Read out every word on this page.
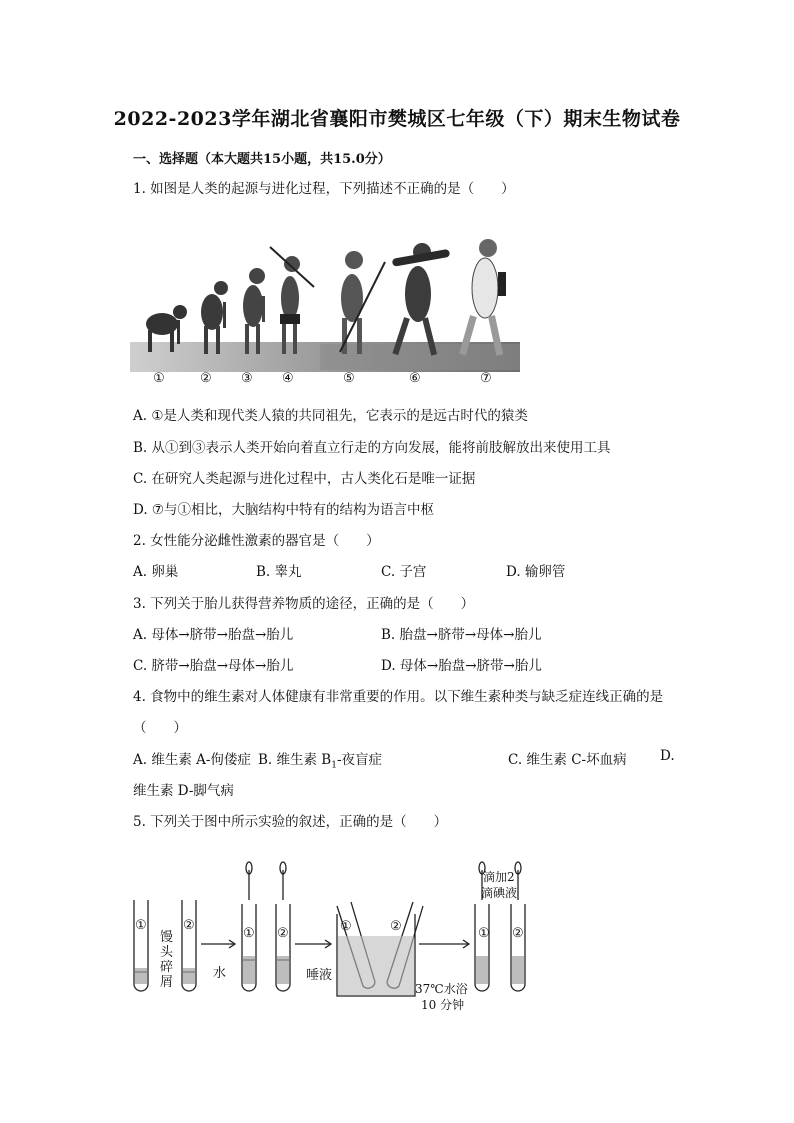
2022-2023学年湖北省襄阳市樊城区七年级（下）期末生物试卷
一、选择题（本大题共15小题，共15.0分）
1. 如图是人类的起源与进化过程，下列描述不正确的是（　　）
①	② ③ ④	⑤	⑥	⑦
A. ①是人类和现代类人猿的共同祖先，它表示的是远古时代的猿类
B. 从①到③表示人类开始向着直立行走的方向发展，能将前肢解放出来使用工具
C. 在研究人类起源与进化过程中，古人类化石是唯一证据
D. ⑦与①相比，大脑结构中特有的结构为语言中枢
2. 女性能分泌雌性激素的器官是（　　）
A. 卵巢	B. 睾丸	C. 子宫	D. 输卵管
3. 下列关于胎儿获得营养物质的途径，正确的是（　　）
A. 母体→脐带→胎盘→胎儿	B. 胎盘→脐带→母体→胎儿
C. 脐带→胎盘→母体→胎儿	D. 母体→胎盘→脐带→胎儿
4. 食物中的维生素对人体健康有非常重要的作用。以下维生素种类与缺乏症连线正确的是
（　　）
A. 维生素 A-佝偻症 B. 维生素 $B_1-$夜盲症	C. 维生素 C-坏血病 D.
维生素 D-脚气病
5. 下列关于图中所示实验的叙述，正确的是（　　）
①	②
馒
头
碎
屑
① ②
水	唾液
①	②
37℃水浴
10 分钟
① ②
滴加2
滴碘液
